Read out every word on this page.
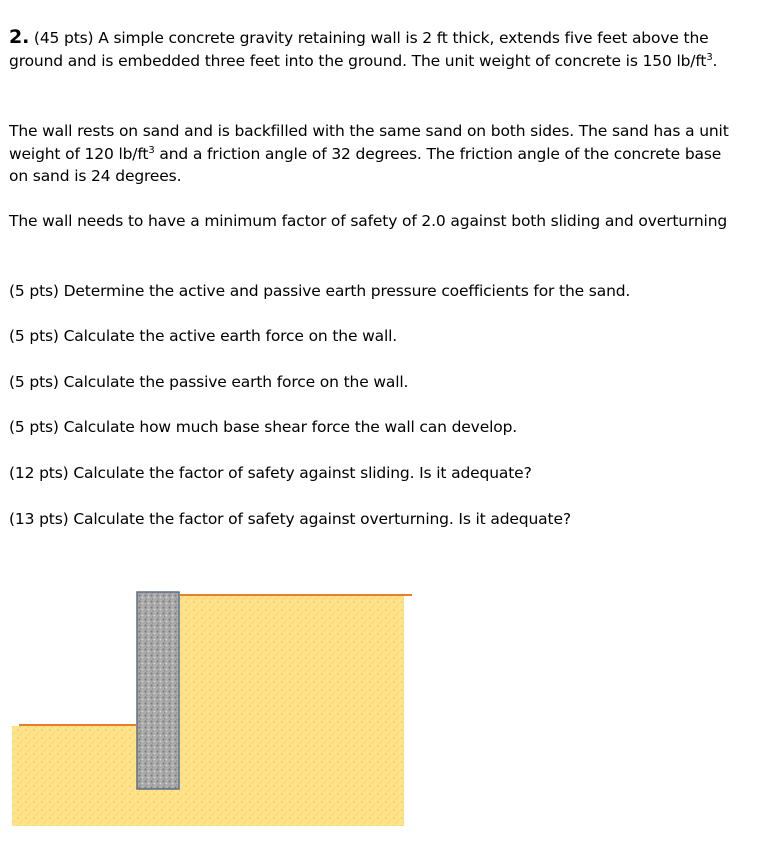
2. (45 pts) A simple concrete gravity retaining wall is 2 ft thick, extends five feet above the ground and is embedded three feet into the ground. The unit weight of concrete is 150 $lb/ft^3$.

The wall rests on sand and is backfilled with the same sand on both sides. The sand has a unit weight of 120 $lb/ft^3$ and a friction angle of 32 degrees. The friction angle of the concrete base on sand is 24 degrees.

The wall needs to have a minimum factor of safety of 2.0 against both sliding and overturning

(5 pts) Determine the active and passive earth pressure coefficients for the sand.

(5 pts) Calculate the active earth force on the wall.

(5 pts) Calculate the passive earth force on the wall.

(5 pts) Calculate how much base shear force the wall can develop.

(12 pts) Calculate the factor of safety against sliding. Is it adequate?

(13 pts) Calculate the factor of safety against overturning. Is it adequate?
